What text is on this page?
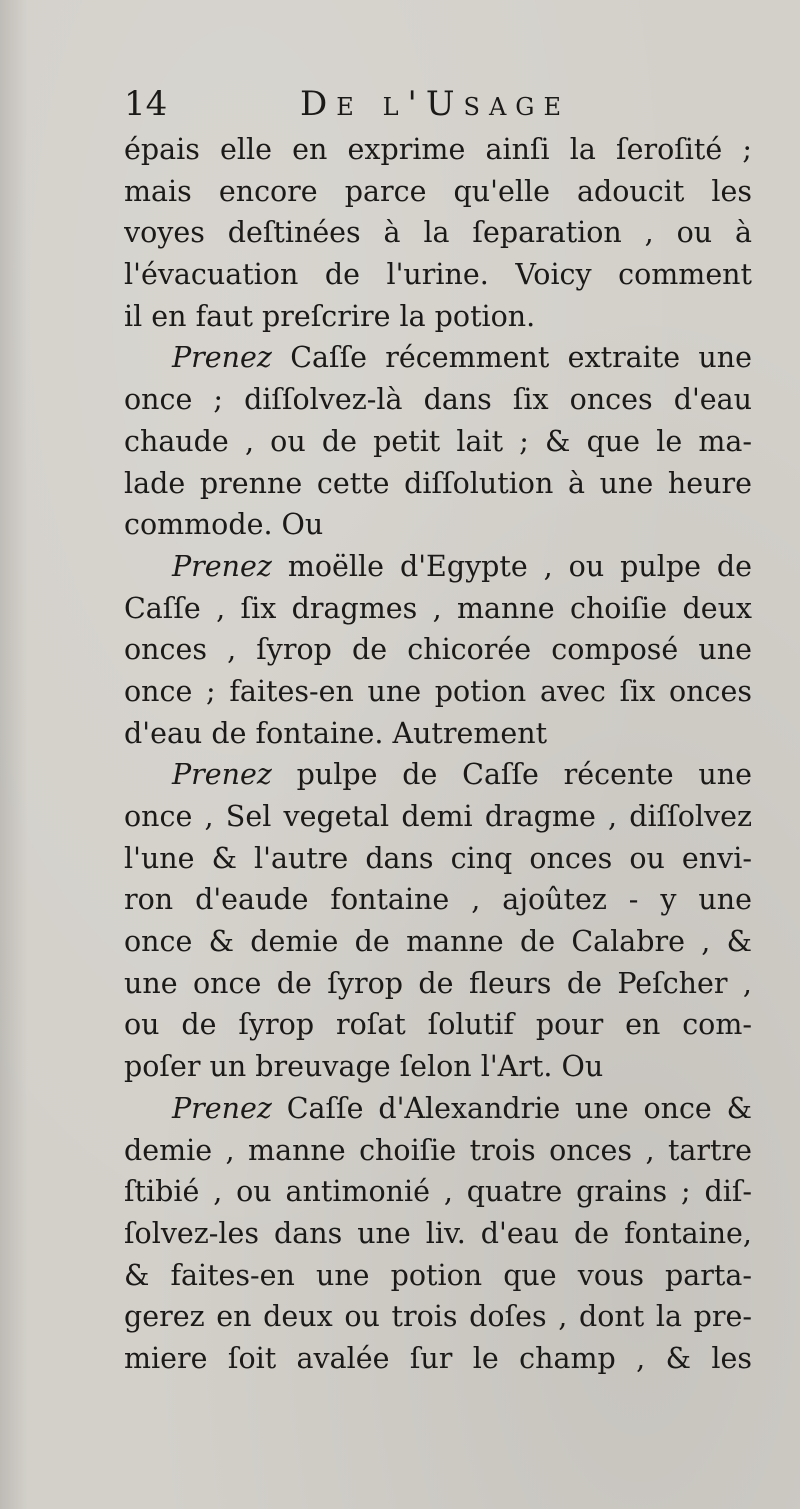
14	De l'Usage
épais elle en exprime ainſi la ſeroſité ;
mais encore parce qu'elle adoucit les
voyes deſtinées à la ſeparation , ou à
l'évacuation de l'urine. Voicy comment
il en faut preſcrire la potion.
Prenez Caſſe récemment extraite une
once ; diſſolvez-là dans ſix onces d'eau
chaude , ou de petit lait ; & que le ma-
lade prenne cette diſſolution à une heure
commode. Ou
Prenez moëlle d'Egypte , ou pulpe de
Caſſe , ſix dragmes , manne choiſie deux
onces , ſyrop de chicorée composé une
once ; faites-en une potion avec ſix onces
d'eau de fontaine. Autrement
Prenez pulpe de Caſſe récente une
once , Sel vegetal demi dragme , diſſolvez
l'une & l'autre dans cinq onces ou envi-
ron d'eaude fontaine , ajoûtez - y une
once & demie de manne de Calabre , &
une once de ſyrop de fleurs de Peſcher ,
ou de ſyrop roſat ſolutif pour en com-
poſer un breuvage ſelon l'Art. Ou
Prenez Caſſe d'Alexandrie une once &
demie , manne choiſie trois onces , tartre
ſtibié , ou antimonié , quatre grains ; diſ-
ſolvez-les dans une liv. d'eau de fontaine,
& faites-en une potion que vous parta-
gerez en deux ou trois doſes , dont la pre-
miere ſoit avalée ſur le champ , & les
